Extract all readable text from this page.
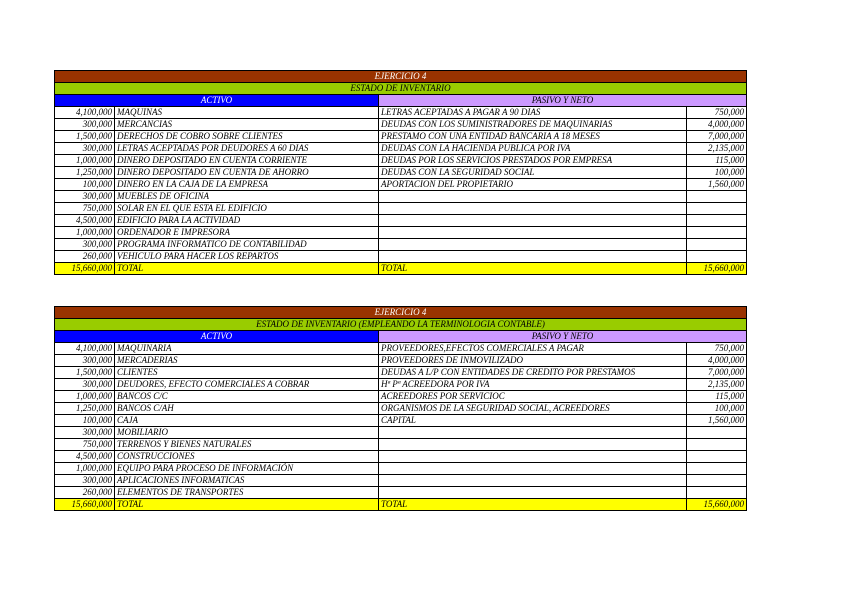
EJERCICIO 4			
ESTADO DE INVENTARIO			
ACTIVO		PASIVO Y NETO	
4,100,000	MAQUINAS	LETRAS ACEPTADAS A PAGAR A 90 DIAS	750,000
300,000	MERCANCIAS	DEUDAS CON LOS SUMINISTRADORES DE MAQUINARIAS	4,000,000
1,500,000	DERECHOS DE COBRO SOBRE CLIENTES	PRESTAMO CON UNA ENTIDAD BANCARIA A 18 MESES	7,000,000
300,000	LETRAS ACEPTADAS POR DEUDORES A 60 DIAS	DEUDAS CON LA HACIENDA PUBLICA POR IVA	2,135,000
1,000,000	DINERO DEPOSITADO EN CUENTA CORRIENTE	DEUDAS POR LOS SERVICIOS PRESTADOS POR EMPRESA	115,000
1,250,000	DINERO DEPOSITADO EN CUENTA DE AHORRO	DEUDAS CON LA SEGURIDAD SOCIAL	100,000
100,000	DINERO EN LA CAJA DE LA EMPRESA	APORTACION DEL PROPIETARIO	1,560,000
300,000	MUEBLES DE OFICINA		
750,000	SOLAR EN EL QUE ESTA EL EDIFICIO		
4,500,000	EDIFICIO PARA LA ACTIVIDAD		
1,000,000	ORDENADOR E IMPRESORA		
300,000	PROGRAMA INFORMATICO DE CONTABILIDAD		
260,000	VEHICULO PARA HACER LOS REPARTOS		
15,660,000	TOTAL	TOTAL	15,660,000
EJERCICIO 4			
ESTADO DE INVENTARIO (EMPLEANDO LA TERMINOLOGIA CONTABLE)			
ACTIVO		PASIVO Y NETO	
4,100,000	MAQUINARIA	PROVEEDORES,EFECTOS COMERCIALES A PAGAR	750,000
300,000	MERCADERIAS	PROVEEDORES DE INMOVILIZADO	4,000,000
1,500,000	CLIENTES	DEUDAS A L/P CON ENTIDADES DE CREDITO POR PRESTAMOS	7,000,000
300,000	DEUDORES, EFECTO COMERCIALES A COBRAR	Hª Pª ACREEDORA POR IVA	2,135,000
1,000,000	BANCOS C/C	ACREEDORES POR SERVICIOC	115,000
1,250,000	BANCOS C/AH	ORGANISMOS DE LA SEGURIDAD SOCIAL, ACREEDORES	100,000
100,000	CAJA	CAPITAL	1,560,000
300,000	MOBILIARIO		
750,000	TERRENOS Y BIENES NATURALES		
4,500,000	CONSTRUCCIONES		
1,000,000	EQUIPO PARA PROCESO DE INFORMACIÓN		
300,000	APLICACIONES INFORMATICAS		
260,000	ELEMENTOS DE TRANSPORTES		
15,660,000	TOTAL	TOTAL	15,660,000
